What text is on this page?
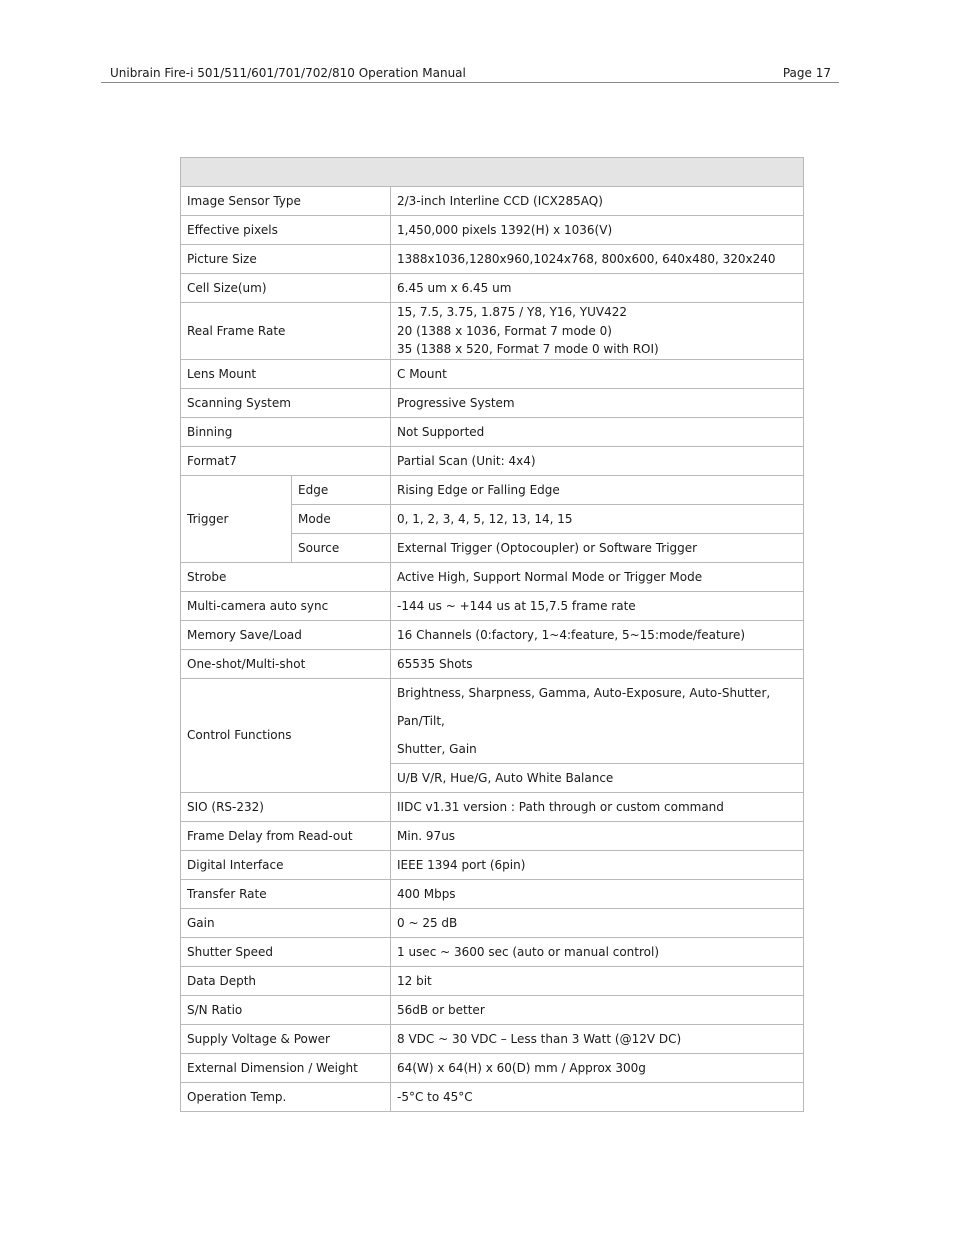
Unibrain Fire-i 501/511/601/701/702/810 Operation Manual	Page 17

Image Sensor Type		2/3-inch Interline CCD (ICX285AQ)
Effective pixels		1,450,000 pixels 1392(H) x 1036(V)
Picture Size		1388x1036,1280x960,1024x768, 800x600, 640x480, 320x240
Cell Size(um)		6.45 um x 6.45 um
Real Frame Rate		15, 7.5, 3.75, 1.875 / Y8, Y16, YUV422
20 (1388 x 1036, Format 7 mode 0)
35 (1388 x 520, Format 7 mode 0 with ROI)

Lens Mount		C Mount
Scanning System		Progressive System
Binning		Not Supported
Format7		Partial Scan (Unit: 4x4)
Trigger	Edge	Rising Edge or Falling Edge
	Mode	0, 1, 2, 3, 4, 5, 12, 13, 14, 15
	Source	External Trigger (Optocoupler) or Software Trigger
Strobe		Active High, Support Normal Mode or Trigger Mode
Multi-camera auto sync		-144 us ~ +144 us at 15,7.5 frame rate
Memory Save/Load		16 Channels (0:factory, 1~4:feature, 5~15:mode/feature)
One-shot/Multi-shot		65535 Shots
Control Functions		Brightness, Sharpness, Gamma, Auto-Exposure, Auto-Shutter, Pan/Tilt,
Shutter, Gain

		U/B V/R, Hue/G, Auto White Balance
SIO (RS-232)		IIDC v1.31 version : Path through or custom command
Frame Delay from Read-out		Min. 97us
Digital Interface		IEEE 1394 port (6pin)
Transfer Rate		400 Mbps
Gain		0 ~ 25 dB
Shutter Speed		1 usec ~ 3600 sec (auto or manual control)
Data Depth		12 bit
S/N Ratio		56dB or better
Supply Voltage & Power		8 VDC ~ 30 VDC – Less than 3 Watt (@12V DC)
External Dimension / Weight		64(W) x 64(H) x 60(D) mm / Approx 300g
Operation Temp.		-5°C to 45°C
